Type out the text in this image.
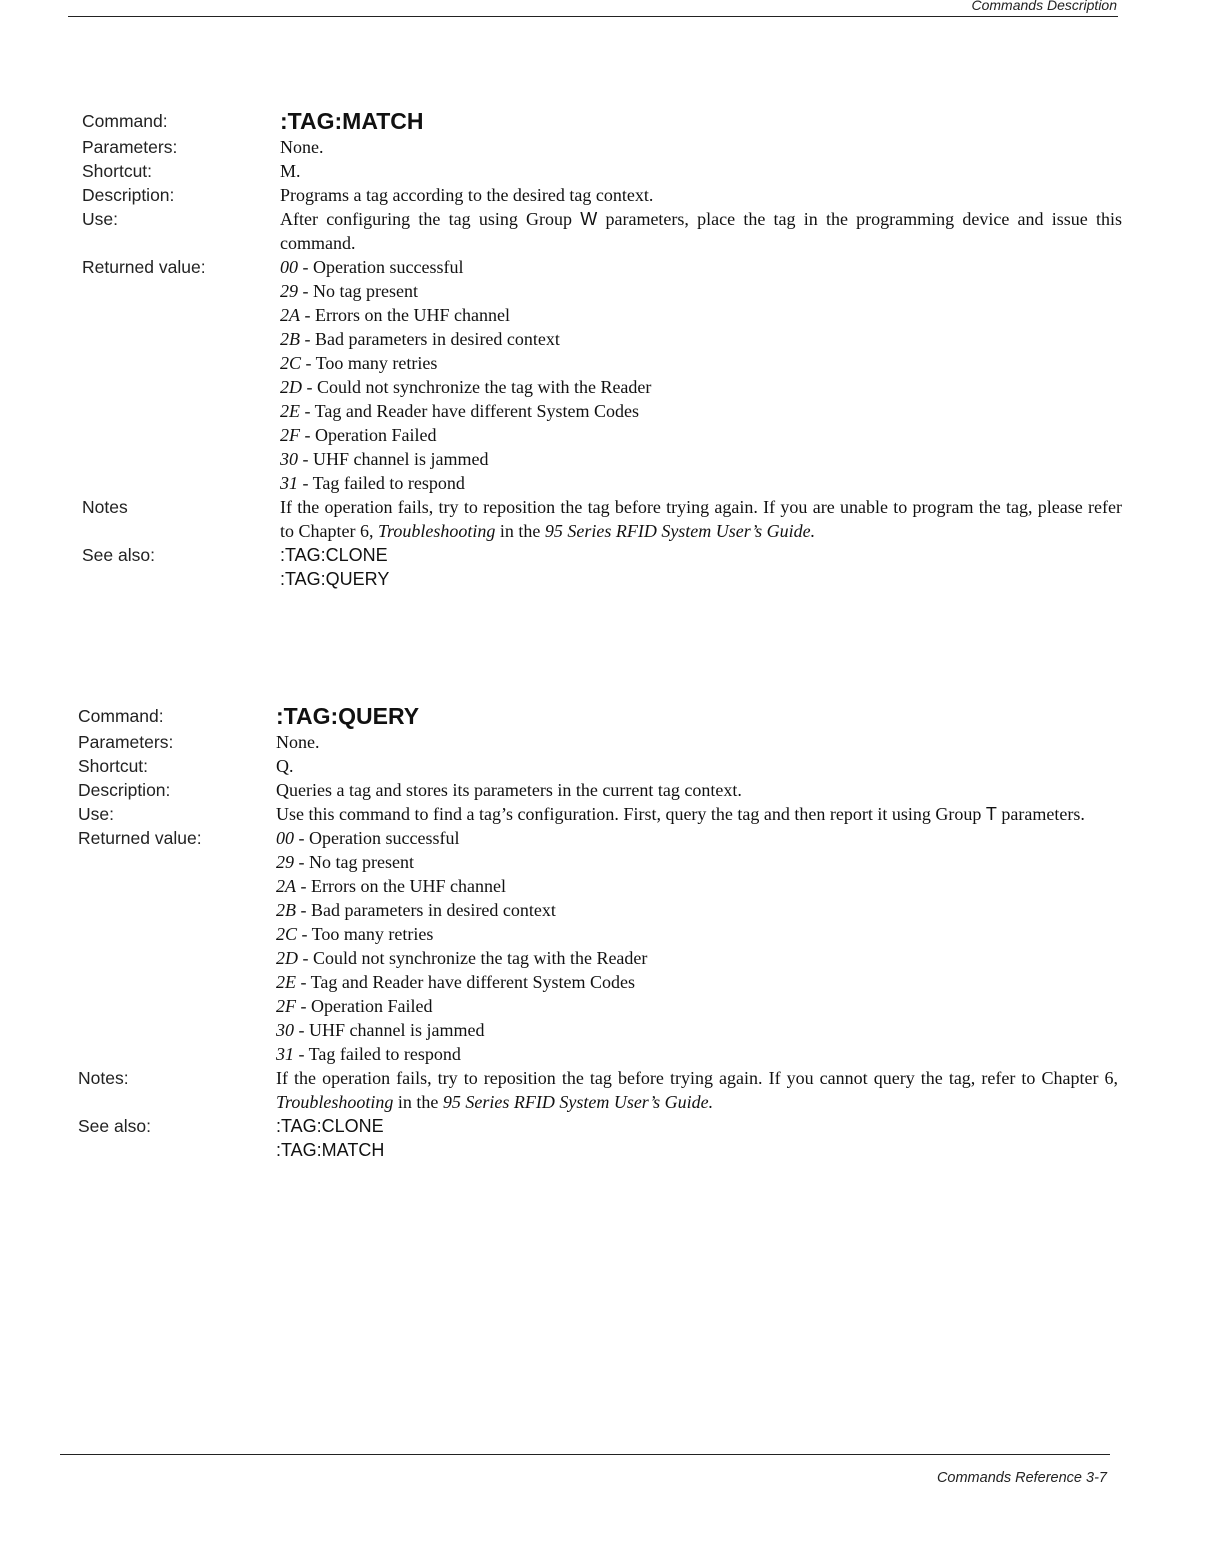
Commands Description
Command:	:TAG:MATCH
Parameters:	None.
Shortcut:	M.
Description:	Programs a tag according to the desired tag context.
Use:	After configuring the tag using Group W parameters, place the tag in the programming device and issue this command.
Returned value:	00 - Operation successful
29 - No tag present
2A - Errors on the UHF channel
2B - Bad parameters in desired context
2C - Too many retries
2D - Could not synchronize the tag with the Reader
2E - Tag and Reader have different System Codes
2F - Operation Failed
30 - UHF channel is jammed
31 - Tag failed to respond
Notes	If the operation fails, try to reposition the tag before trying again. If you are unable to program the tag, please refer to Chapter 6, Troubleshooting in the 95 Series RFID System User’s Guide.
See also:	:TAG:CLONE
:TAG:QUERY
Command:	:TAG:QUERY
Parameters:	None.
Shortcut:	Q.
Description:	Queries a tag and stores its parameters in the current tag context.
Use:	Use this command to find a tag’s configuration. First, query the tag and then report it using Group T parameters.
Returned value:	00 - Operation successful
29 - No tag present
2A - Errors on the UHF channel
2B - Bad parameters in desired context
2C - Too many retries
2D - Could not synchronize the tag with the Reader
2E - Tag and Reader have different System Codes
2F - Operation Failed
30 - UHF channel is jammed
31 - Tag failed to respond
Notes:	If the operation fails, try to reposition the tag before trying again. If you cannot query the tag, refer to Chapter 6, Troubleshooting in the 95 Series RFID System User’s Guide.
See also:	:TAG:CLONE
:TAG:MATCH
Commands Reference 3-7
